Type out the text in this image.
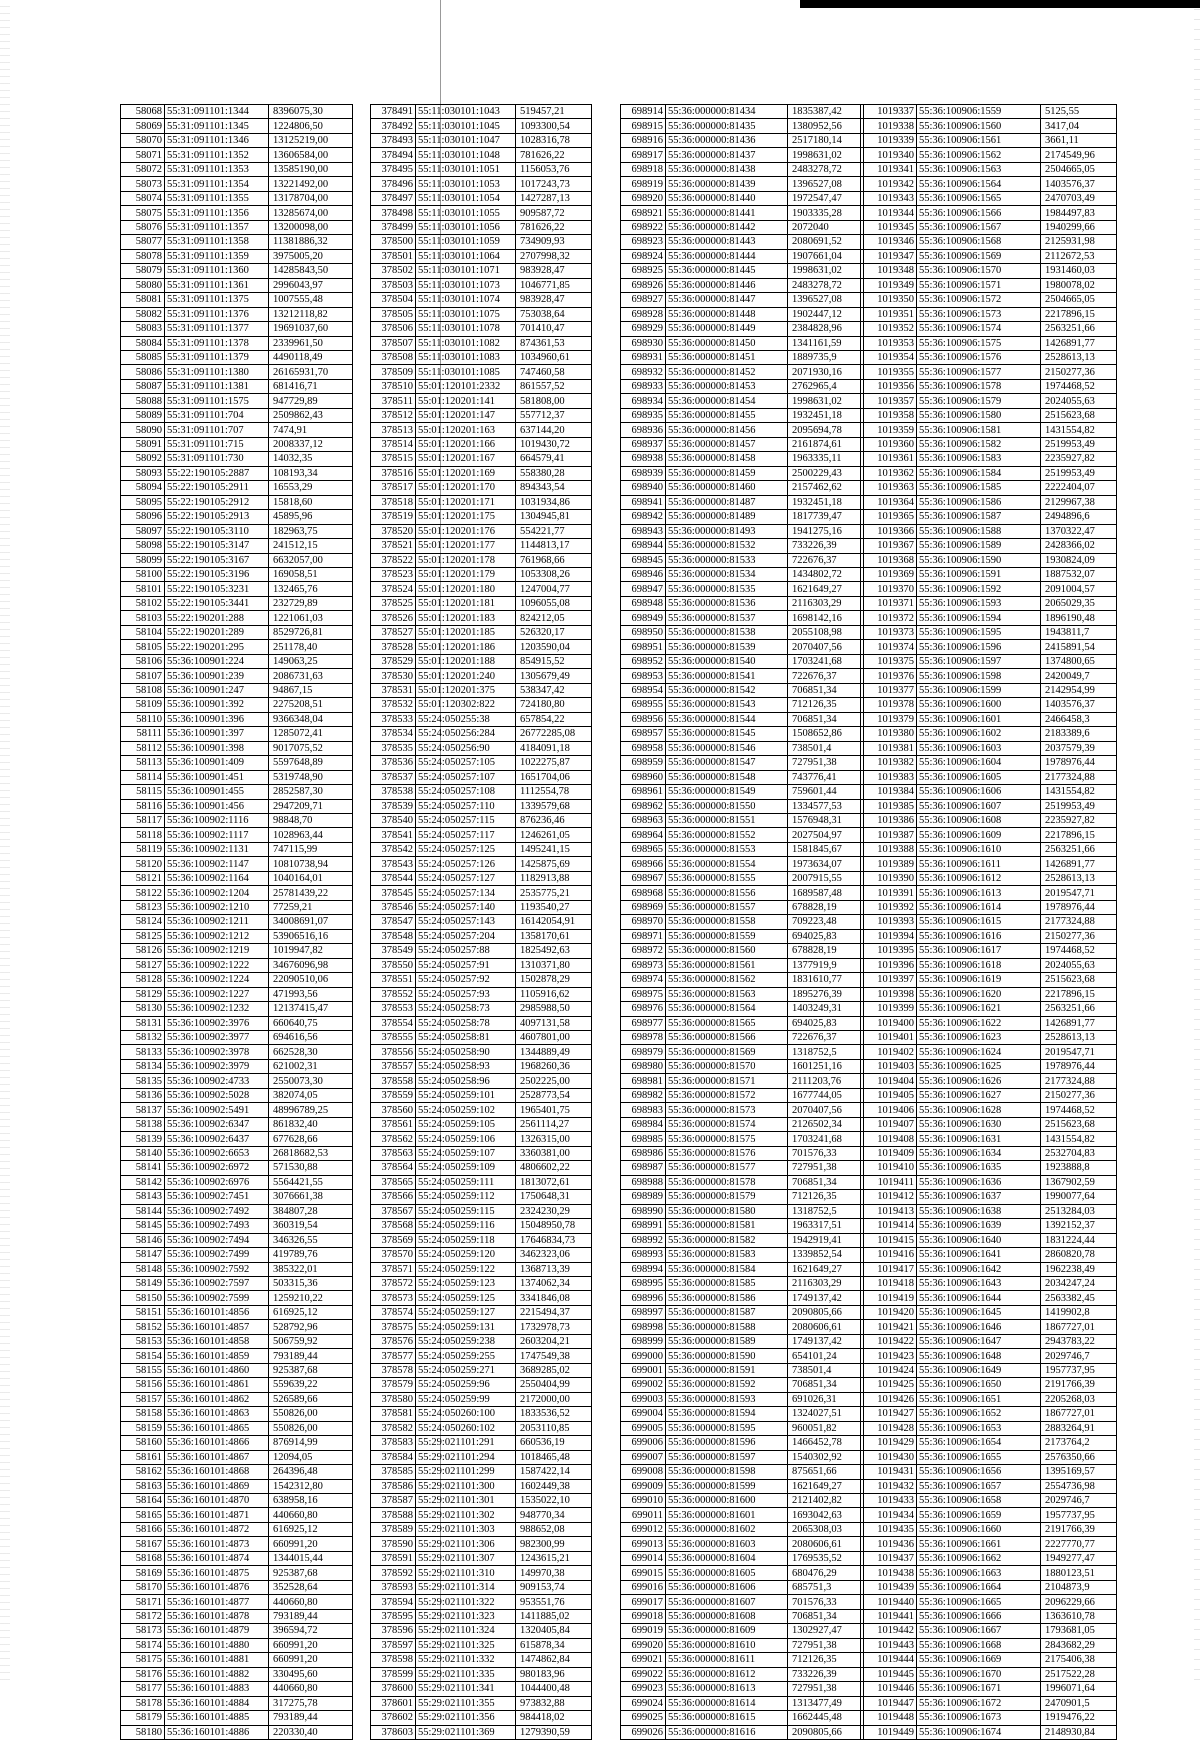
58068	55:31:091101:1344	8396075,30
58069	55:31:091101:1345	1224806,50
58070	55:31:091101:1346	13125219,00
58071	55:31:091101:1352	13606584,00
58072	55:31:091101:1353	13585190,00
58073	55:31:091101:1354	13221492,00
58074	55:31:091101:1355	13178704,00
58075	55:31:091101:1356	13285674,00
58076	55:31:091101:1357	13200098,00
58077	55:31:091101:1358	11381886,32
58078	55:31:091101:1359	3975005,20
58079	55:31:091101:1360	14285843,50
58080	55:31:091101:1361	2996043,97
58081	55:31:091101:1375	1007555,48
58082	55:31:091101:1376	13212118,82
58083	55:31:091101:1377	19691037,60
58084	55:31:091101:1378	2339961,50
58085	55:31:091101:1379	4490118,49
58086	55:31:091101:1380	26165931,70
58087	55:31:091101:1381	681416,71
58088	55:31:091101:1575	947729,89
58089	55:31:091101:704	2509862,43
58090	55:31:091101:707	7474,91
58091	55:31:091101:715	2008337,12
58092	55:31:091101:730	14032,35
58093	55:22:190105:2887	108193,34
58094	55:22:190105:2911	16553,29
58095	55:22:190105:2912	15818,60
58096	55:22:190105:2913	45895,96
58097	55:22:190105:3110	182963,75
58098	55:22:190105:3147	241512,15
58099	55:22:190105:3167	6632057,00
58100	55:22:190105:3196	169058,51
58101	55:22:190105:3231	132465,76
58102	55:22:190105:3441	232729,89
58103	55:22:190201:288	1221061,03
58104	55:22:190201:289	8529726,81
58105	55:22:190201:295	251178,40
58106	55:36:100901:224	149063,25
58107	55:36:100901:239	2086731,63
58108	55:36:100901:247	94867,15
58109	55:36:100901:392	2275208,51
58110	55:36:100901:396	9366348,04
58111	55:36:100901:397	1285072,41
58112	55:36:100901:398	9017075,52
58113	55:36:100901:409	5597648,89
58114	55:36:100901:451	5319748,90
58115	55:36:100901:455	2852587,30
58116	55:36:100901:456	2947209,71
58117	55:36:100902:1116	98848,70
58118	55:36:100902:1117	1028963,44
58119	55:36:100902:1131	747115,99
58120	55:36:100902:1147	10810738,94
58121	55:36:100902:1164	1040164,01
58122	55:36:100902:1204	25781439,22
58123	55:36:100902:1210	77259,21
58124	55:36:100902:1211	34008691,07
58125	55:36:100902:1212	53906516,16
58126	55:36:100902:1219	1019947,82
58127	55:36:100902:1222	34676096,98
58128	55:36:100902:1224	22090510,06
58129	55:36:100902:1227	471993,56
58130	55:36:100902:1232	12137415,47
58131	55:36:100902:3976	660640,75
58132	55:36:100902:3977	694616,56
58133	55:36:100902:3978	662528,30
58134	55:36:100902:3979	621002,31
58135	55:36:100902:4733	2550073,30
58136	55:36:100902:5028	382074,05
58137	55:36:100902:5491	48996789,25
58138	55:36:100902:6347	861832,40
58139	55:36:100902:6437	677628,66
58140	55:36:100902:6653	26818682,53
58141	55:36:100902:6972	571530,88
58142	55:36:100902:6976	5564421,55
58143	55:36:100902:7451	3076661,38
58144	55:36:100902:7492	384807,28
58145	55:36:100902:7493	360319,54
58146	55:36:100902:7494	346326,55
58147	55:36:100902:7499	419789,76
58148	55:36:100902:7592	385322,01
58149	55:36:100902:7597	503315,36
58150	55:36:100902:7599	1259210,22
58151	55:36:160101:4856	616925,12
58152	55:36:160101:4857	528792,96
58153	55:36:160101:4858	506759,92
58154	55:36:160101:4859	793189,44
58155	55:36:160101:4860	925387,68
58156	55:36:160101:4861	559639,22
58157	55:36:160101:4862	526589,66
58158	55:36:160101:4863	550826,00
58159	55:36:160101:4865	550826,00
58160	55:36:160101:4866	876914,99
58161	55:36:160101:4867	12094,05
58162	55:36:160101:4868	264396,48
58163	55:36:160101:4869	1542312,80
58164	55:36:160101:4870	638958,16
58165	55:36:160101:4871	440660,80
58166	55:36:160101:4872	616925,12
58167	55:36:160101:4873	660991,20
58168	55:36:160101:4874	1344015,44
58169	55:36:160101:4875	925387,68
58170	55:36:160101:4876	352528,64
58171	55:36:160101:4877	440660,80
58172	55:36:160101:4878	793189,44
58173	55:36:160101:4879	396594,72
58174	55:36:160101:4880	660991,20
58175	55:36:160101:4881	660991,20
58176	55:36:160101:4882	330495,60
58177	55:36:160101:4883	440660,80
58178	55:36:160101:4884	317275,78
58179	55:36:160101:4885	793189,44
58180	55:36:160101:4886	220330,40
378491	55:11:030101:1043	519457,21
378492	55:11:030101:1045	1093300,54
378493	55:11:030101:1047	1028316,78
378494	55:11:030101:1048	781626,22
378495	55:11:030101:1051	1156053,76
378496	55:11:030101:1053	1017243,73
378497	55:11:030101:1054	1427287,13
378498	55:11:030101:1055	909587,72
378499	55:11:030101:1056	781626,22
378500	55:11:030101:1059	734909,93
378501	55:11:030101:1064	2707998,32
378502	55:11:030101:1071	983928,47
378503	55:11:030101:1073	1046771,85
378504	55:11:030101:1074	983928,47
378505	55:11:030101:1075	753038,64
378506	55:11:030101:1078	701410,47
378507	55:11:030101:1082	874361,53
378508	55:11:030101:1083	1034960,61
378509	55:11:030101:1085	747460,58
378510	55:01:120101:2332	861557,52
378511	55:01:120201:141	581808,00
378512	55:01:120201:147	557712,37
378513	55:01:120201:163	637144,20
378514	55:01:120201:166	1019430,72
378515	55:01:120201:167	664579,41
378516	55:01:120201:169	558380,28
378517	55:01:120201:170	894343,54
378518	55:01:120201:171	1031934,86
378519	55:01:120201:175	1304945,81
378520	55:01:120201:176	554221,77
378521	55:01:120201:177	1144813,17
378522	55:01:120201:178	761968,66
378523	55:01:120201:179	1053308,26
378524	55:01:120201:180	1247004,77
378525	55:01:120201:181	1096055,08
378526	55:01:120201:183	824212,05
378527	55:01:120201:185	526320,17
378528	55:01:120201:186	1203590,04
378529	55:01:120201:188	854915,52
378530	55:01:120201:240	1305679,49
378531	55:01:120201:375	538347,42
378532	55:01:120302:822	724180,80
378533	55:24:050255:38	657854,22
378534	55:24:050256:284	26772285,08
378535	55:24:050256:90	4184091,18
378536	55:24:050257:105	1022275,87
378537	55:24:050257:107	1651704,06
378538	55:24:050257:108	1112554,78
378539	55:24:050257:110	1339579,68
378540	55:24:050257:115	876236,46
378541	55:24:050257:117	1246261,05
378542	55:24:050257:125	1495241,15
378543	55:24:050257:126	1425875,69
378544	55:24:050257:127	1182913,88
378545	55:24:050257:134	2535775,21
378546	55:24:050257:140	1193540,27
378547	55:24:050257:143	16142054,91
378548	55:24:050257:204	1358170,61
378549	55:24:050257:88	1825492,63
378550	55:24:050257:91	1310371,80
378551	55:24:050257:92	1502878,29
378552	55:24:050257:93	1105916,62
378553	55:24:050258:73	2985988,50
378554	55:24:050258:78	4097131,58
378555	55:24:050258:81	4607801,00
378556	55:24:050258:90	1344889,49
378557	55:24:050258:93	1968260,36
378558	55:24:050258:96	2502225,00
378559	55:24:050259:101	2528773,54
378560	55:24:050259:102	1965401,75
378561	55:24:050259:105	2561114,27
378562	55:24:050259:106	1326315,00
378563	55:24:050259:107	3360381,00
378564	55:24:050259:109	4806602,22
378565	55:24:050259:111	1813072,61
378566	55:24:050259:112	1750648,31
378567	55:24:050259:115	2324230,29
378568	55:24:050259:116	15048950,78
378569	55:24:050259:118	17646834,73
378570	55:24:050259:120	3462323,06
378571	55:24:050259:122	1368713,39
378572	55:24:050259:123	1374062,34
378573	55:24:050259:125	3341846,08
378574	55:24:050259:127	2215494,37
378575	55:24:050259:131	1732978,73
378576	55:24:050259:238	2603204,21
378577	55:24:050259:255	1747549,38
378578	55:24:050259:271	3689285,02
378579	55:24:050259:96	2550404,99
378580	55:24:050259:99	2172000,00
378581	55:24:050260:100	1833536,52
378582	55:24:050260:102	2053110,85
378583	55:29:021101:291	660536,19
378584	55:29:021101:294	1018465,48
378585	55:29:021101:299	1587422,14
378586	55:29:021101:300	1602449,38
378587	55:29:021101:301	1535022,10
378588	55:29:021101:302	948770,34
378589	55:29:021101:303	988652,08
378590	55:29:021101:306	982300,99
378591	55:29:021101:307	1243615,21
378592	55:29:021101:310	149970,38
378593	55:29:021101:314	909153,74
378594	55:29:021101:322	953551,76
378595	55:29:021101:323	1411885,02
378596	55:29:021101:324	1320405,84
378597	55:29:021101:325	615878,34
378598	55:29:021101:332	1474862,84
378599	55:29:021101:335	980183,96
378600	55:29:021101:341	1044400,48
378601	55:29:021101:355	973832,88
378602	55:29:021101:356	984418,02
378603	55:29:021101:369	1279390,59
698914	55:36:000000:81434	1835387,42
698915	55:36:000000:81435	1380952,56
698916	55:36:000000:81436	2517180,14
698917	55:36:000000:81437	1998631,02
698918	55:36:000000:81438	2483278,72
698919	55:36:000000:81439	1396527,08
698920	55:36:000000:81440	1972547,47
698921	55:36:000000:81441	1903335,28
698922	55:36:000000:81442	2072040
698923	55:36:000000:81443	2080691,52
698924	55:36:000000:81444	1907661,04
698925	55:36:000000:81445	1998631,02
698926	55:36:000000:81446	2483278,72
698927	55:36:000000:81447	1396527,08
698928	55:36:000000:81448	1902447,12
698929	55:36:000000:81449	2384828,96
698930	55:36:000000:81450	1341161,59
698931	55:36:000000:81451	1889735,9
698932	55:36:000000:81452	2071930,16
698933	55:36:000000:81453	2762965,4
698934	55:36:000000:81454	1998631,02
698935	55:36:000000:81455	1932451,18
698936	55:36:000000:81456	2095694,78
698937	55:36:000000:81457	2161874,61
698938	55:36:000000:81458	1963335,11
698939	55:36:000000:81459	2500229,43
698940	55:36:000000:81460	2157462,62
698941	55:36:000000:81487	1932451,18
698942	55:36:000000:81489	1817739,47
698943	55:36:000000:81493	1941275,16
698944	55:36:000000:81532	733226,39
698945	55:36:000000:81533	722676,37
698946	55:36:000000:81534	1434802,72
698947	55:36:000000:81535	1621649,27
698948	55:36:000000:81536	2116303,29
698949	55:36:000000:81537	1698142,16
698950	55:36:000000:81538	2055108,98
698951	55:36:000000:81539	2070407,56
698952	55:36:000000:81540	1703241,68
698953	55:36:000000:81541	722676,37
698954	55:36:000000:81542	706851,34
698955	55:36:000000:81543	712126,35
698956	55:36:000000:81544	706851,34
698957	55:36:000000:81545	1508652,86
698958	55:36:000000:81546	738501,4
698959	55:36:000000:81547	727951,38
698960	55:36:000000:81548	743776,41
698961	55:36:000000:81549	759601,44
698962	55:36:000000:81550	1334577,53
698963	55:36:000000:81551	1576948,31
698964	55:36:000000:81552	2027504,97
698965	55:36:000000:81553	1581845,67
698966	55:36:000000:81554	1973634,07
698967	55:36:000000:81555	2007915,55
698968	55:36:000000:81556	1689587,48
698969	55:36:000000:81557	678828,19
698970	55:36:000000:81558	709223,48
698971	55:36:000000:81559	694025,83
698972	55:36:000000:81560	678828,19
698973	55:36:000000:81561	1377919,9
698974	55:36:000000:81562	1831610,77
698975	55:36:000000:81563	1895276,39
698976	55:36:000000:81564	1403249,31
698977	55:36:000000:81565	694025,83
698978	55:36:000000:81566	722676,37
698979	55:36:000000:81569	1318752,5
698980	55:36:000000:81570	1601251,16
698981	55:36:000000:81571	2111203,76
698982	55:36:000000:81572	1677744,05
698983	55:36:000000:81573	2070407,56
698984	55:36:000000:81574	2126502,34
698985	55:36:000000:81575	1703241,68
698986	55:36:000000:81576	701576,33
698987	55:36:000000:81577	727951,38
698988	55:36:000000:81578	706851,34
698989	55:36:000000:81579	712126,35
698990	55:36:000000:81580	1318752,5
698991	55:36:000000:81581	1963317,51
698992	55:36:000000:81582	1942919,41
698993	55:36:000000:81583	1339852,54
698994	55:36:000000:81584	1621649,27
698995	55:36:000000:81585	2116303,29
698996	55:36:000000:81586	1749137,42
698997	55:36:000000:81587	2090805,66
698998	55:36:000000:81588	2080606,61
698999	55:36:000000:81589	1749137,42
699000	55:36:000000:81590	654101,24
699001	55:36:000000:81591	738501,4
699002	55:36:000000:81592	706851,34
699003	55:36:000000:81593	691026,31
699004	55:36:000000:81594	1324027,51
699005	55:36:000000:81595	960051,82
699006	55:36:000000:81596	1466452,78
699007	55:36:000000:81597	1540302,92
699008	55:36:000000:81598	875651,66
699009	55:36:000000:81599	1621649,27
699010	55:36:000000:81600	2121402,82
699011	55:36:000000:81601	1693042,63
699012	55:36:000000:81602	2065308,03
699013	55:36:000000:81603	2080606,61
699014	55:36:000000:81604	1769535,52
699015	55:36:000000:81605	680476,29
699016	55:36:000000:81606	685751,3
699017	55:36:000000:81607	701576,33
699018	55:36:000000:81608	706851,34
699019	55:36:000000:81609	1302927,47
699020	55:36:000000:81610	727951,38
699021	55:36:000000:81611	712126,35
699022	55:36:000000:81612	733226,39
699023	55:36:000000:81613	727951,38
699024	55:36:000000:81614	1313477,49
699025	55:36:000000:81615	1662445,48
699026	55:36:000000:81616	2090805,66
1019337	55:36:100906:1559	5125,55
1019338	55:36:100906:1560	3417,04
1019339	55:36:100906:1561	3661,11
1019340	55:36:100906:1562	2174549,96
1019341	55:36:100906:1563	2504665,05
1019342	55:36:100906:1564	1403576,37
1019343	55:36:100906:1565	2470703,49
1019344	55:36:100906:1566	1984497,83
1019345	55:36:100906:1567	1940299,66
1019346	55:36:100906:1568	2125931,98
1019347	55:36:100906:1569	2112672,53
1019348	55:36:100906:1570	1931460,03
1019349	55:36:100906:1571	1980078,02
1019350	55:36:100906:1572	2504665,05
1019351	55:36:100906:1573	2217896,15
1019352	55:36:100906:1574	2563251,66
1019353	55:36:100906:1575	1426891,77
1019354	55:36:100906:1576	2528613,13
1019355	55:36:100906:1577	2150277,36
1019356	55:36:100906:1578	1974468,52
1019357	55:36:100906:1579	2024055,63
1019358	55:36:100906:1580	2515623,68
1019359	55:36:100906:1581	1431554,82
1019360	55:36:100906:1582	2519953,49
1019361	55:36:100906:1583	2235927,82
1019362	55:36:100906:1584	2519953,49
1019363	55:36:100906:1585	2222404,07
1019364	55:36:100906:1586	2129967,38
1019365	55:36:100906:1587	2494896,6
1019366	55:36:100906:1588	1370322,47
1019367	55:36:100906:1589	2428366,02
1019368	55:36:100906:1590	1930824,09
1019369	55:36:100906:1591	1887532,07
1019370	55:36:100906:1592	2091004,57
1019371	55:36:100906:1593	2065029,35
1019372	55:36:100906:1594	1896190,48
1019373	55:36:100906:1595	1943811,7
1019374	55:36:100906:1596	2415891,54
1019375	55:36:100906:1597	1374800,65
1019376	55:36:100906:1598	2420049,7
1019377	55:36:100906:1599	2142954,99
1019378	55:36:100906:1600	1403576,37
1019379	55:36:100906:1601	2466458,3
1019380	55:36:100906:1602	2183389,6
1019381	55:36:100906:1603	2037579,39
1019382	55:36:100906:1604	1978976,44
1019383	55:36:100906:1605	2177324,88
1019384	55:36:100906:1606	1431554,82
1019385	55:36:100906:1607	2519953,49
1019386	55:36:100906:1608	2235927,82
1019387	55:36:100906:1609	2217896,15
1019388	55:36:100906:1610	2563251,66
1019389	55:36:100906:1611	1426891,77
1019390	55:36:100906:1612	2528613,13
1019391	55:36:100906:1613	2019547,71
1019392	55:36:100906:1614	1978976,44
1019393	55:36:100906:1615	2177324,88
1019394	55:36:100906:1616	2150277,36
1019395	55:36:100906:1617	1974468,52
1019396	55:36:100906:1618	2024055,63
1019397	55:36:100906:1619	2515623,68
1019398	55:36:100906:1620	2217896,15
1019399	55:36:100906:1621	2563251,66
1019400	55:36:100906:1622	1426891,77
1019401	55:36:100906:1623	2528613,13
1019402	55:36:100906:1624	2019547,71
1019403	55:36:100906:1625	1978976,44
1019404	55:36:100906:1626	2177324,88
1019405	55:36:100906:1627	2150277,36
1019406	55:36:100906:1628	1974468,52
1019407	55:36:100906:1630	2515623,68
1019408	55:36:100906:1631	1431554,82
1019409	55:36:100906:1634	2532704,83
1019410	55:36:100906:1635	1923888,8
1019411	55:36:100906:1636	1367902,59
1019412	55:36:100906:1637	1990077,64
1019413	55:36:100906:1638	2513284,03
1019414	55:36:100906:1639	1392152,37
1019415	55:36:100906:1640	1831224,44
1019416	55:36:100906:1641	2860820,78
1019417	55:36:100906:1642	1962238,49
1019418	55:36:100906:1643	2034247,24
1019419	55:36:100906:1644	2563382,45
1019420	55:36:100906:1645	1419902,8
1019421	55:36:100906:1646	1867727,01
1019422	55:36:100906:1647	2943783,22
1019423	55:36:100906:1648	2029746,7
1019424	55:36:100906:1649	1957737,95
1019425	55:36:100906:1650	2191766,39
1019426	55:36:100906:1651	2205268,03
1019427	55:36:100906:1652	1867727,01
1019428	55:36:100906:1653	2883264,91
1019429	55:36:100906:1654	2173764,2
1019430	55:36:100906:1655	2576350,66
1019431	55:36:100906:1656	1395169,57
1019432	55:36:100906:1657	2554736,98
1019433	55:36:100906:1658	2029746,7
1019434	55:36:100906:1659	1957737,95
1019435	55:36:100906:1660	2191766,39
1019436	55:36:100906:1661	2227770,77
1019437	55:36:100906:1662	1949277,47
1019438	55:36:100906:1663	1880123,51
1019439	55:36:100906:1664	2104873,9
1019440	55:36:100906:1665	2096229,66
1019441	55:36:100906:1666	1363610,78
1019442	55:36:100906:1667	1793681,05
1019443	55:36:100906:1668	2843682,29
1019444	55:36:100906:1669	2175406,38
1019445	55:36:100906:1670	2517522,28
1019446	55:36:100906:1671	1996071,64
1019447	55:36:100906:1672	2470901,5
1019448	55:36:100906:1673	1919476,22
1019449	55:36:100906:1674	2148930,84
